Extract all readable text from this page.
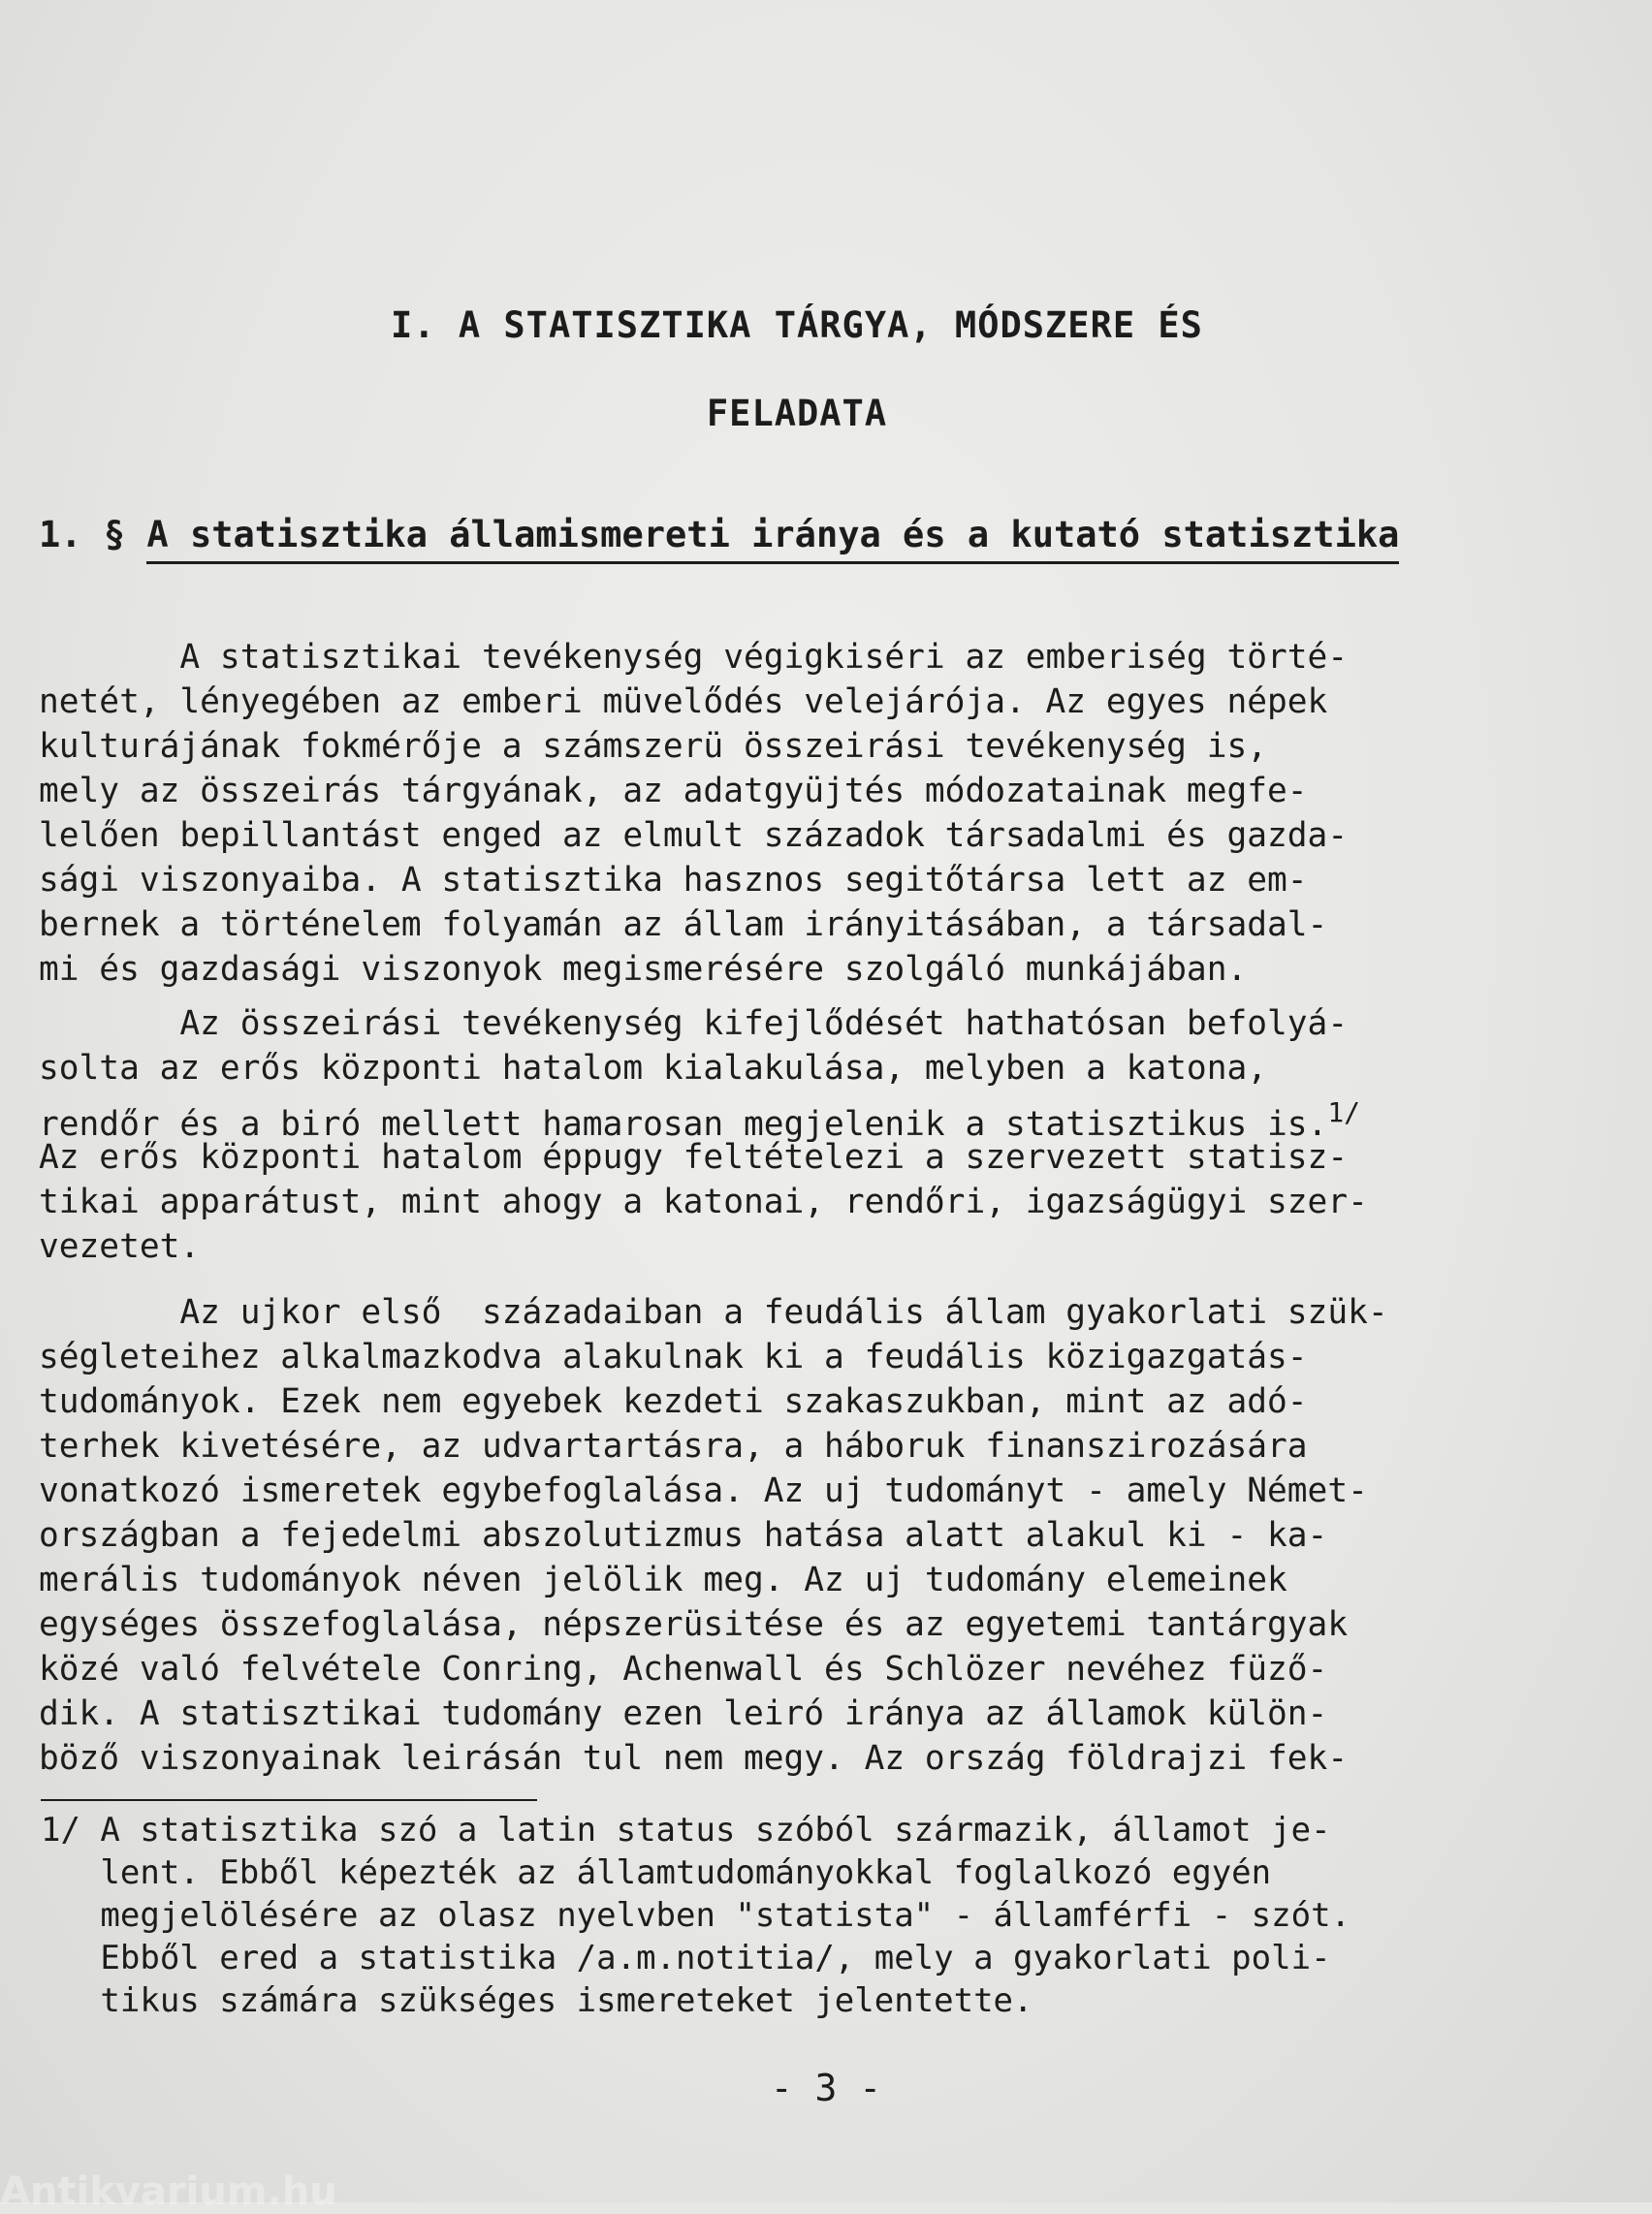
I. A STATISZTIKA TÁRGYA, MÓDSZERE ÉS
FELADATA
1. § A statisztika államismereti iránya és a kutató statisztika
A statisztikai tevékenység végigkiséri az emberiség törté-
netét, lényegében az emberi müvelődés velejárója. Az egyes népek
kulturájának fokmérője a számszerü összeirási tevékenység is,
mely az összeirás tárgyának, az adatgyüjtés módozatainak megfe-
lelően bepillantást enged az elmult századok társadalmi és gazda-
sági viszonyaiba. A statisztika hasznos segitőtársa lett az em-
bernek a történelem folyamán az állam irányitásában, a társadal-
mi és gazdasági viszonyok megismerésére szolgáló munkájában.
Az összeirási tevékenység kifejlődését hathatósan befolyá-
solta az erős központi hatalom kialakulása, melyben a katona,
rendőr és a biró mellett hamarosan megjelenik a statisztikus is.$^{1/}$
Az erős központi hatalom éppugy feltételezi a szervezett statisz-
tikai apparátust, mint ahogy a katonai, rendőri, igazságügyi szer-
vezetet.
Az ujkor első  századaiban a feudális állam gyakorlati szük-
ségleteihez alkalmazkodva alakulnak ki a feudális közigazgatás-
tudományok. Ezek nem egyebek kezdeti szakaszukban, mint az adó-
terhek kivetésére, az udvartartásra, a háboruk finanszirozására
vonatkozó ismeretek egybefoglalása. Az uj tudományt - amely Német-
országban a fejedelmi abszolutizmus hatása alatt alakul ki - ka-
merális tudományok néven jelölik meg. Az uj tudomány elemeinek
egységes összefoglalása, népszerüsitése és az egyetemi tantárgyak
közé való felvétele Conring, Achenwall és Schlözer nevéhez füző-
dik. A statisztikai tudomány ezen leiró iránya az államok külön-
böző viszonyainak leirásán tul nem megy. Az ország földrajzi fek-
1/ A statisztika szó a latin status szóból származik, államot je-
lent. Ebből képezték az államtudományokkal foglalkozó egyén
megjelölésére az olasz nyelvben "statista" - államférfi - szót.
Ebből ered a statistika /a.m.notitia/, mely a gyakorlati poli-
tikus számára szükséges ismereteket jelentette.
- 3 -
Antikvarium.hu
